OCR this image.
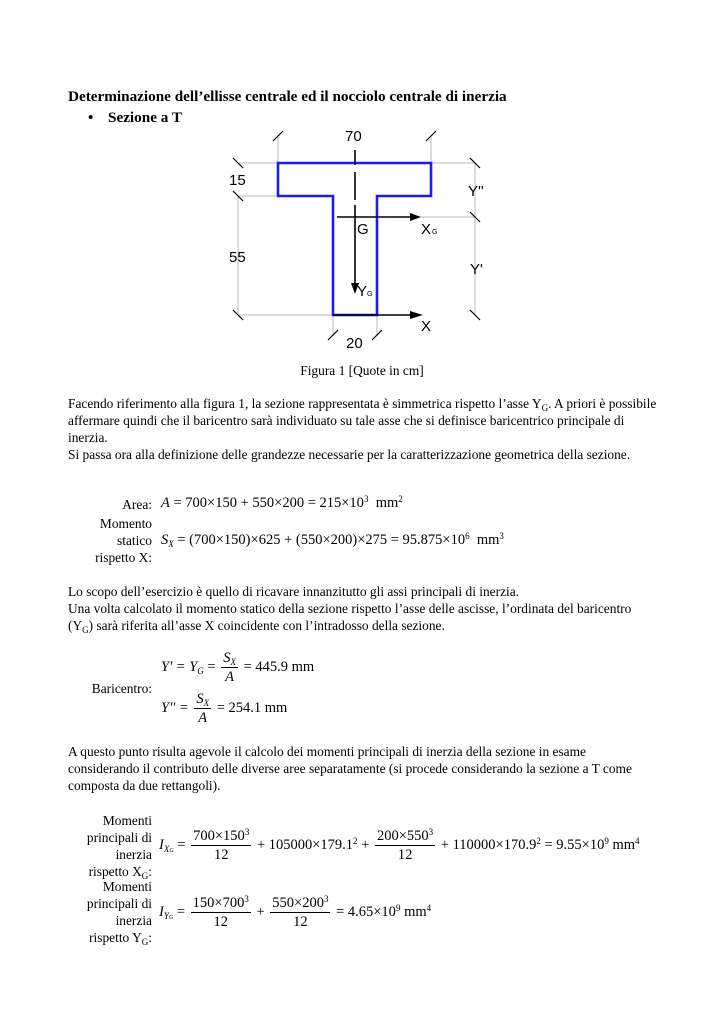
Determinazione dell’ellisse centrale ed il nocciolo centrale di inerzia
• Sezione a T
70
15
55
20
Y''
Y'
G	X G
Y G
X
Figura 1 [Quote in cm]
Facendo riferimento alla figura 1, la sezione rappresentata è simmetrica rispetto l’asse $Y_G$. A priori è possibile affermare quindi che il baricentro sarà individuato su tale asse che si definisce baricentrico principale di inerzia.
Si passa ora alla definizione delle grandezze necessarie per la caratterizzazione geometrica della sezione.
Area: $A = 700\times 150 + 550\times 200 = 215\times 10^3$ $mm^2$
Momento
statico
rispetto X:
$S_X = (700\times 150)\times 625 + (550\times 200)\times 275 = 95.875\times 10^6$ $mm^3$
Lo scopo dell’esercizio è quello di ricavare innanzitutto gli assi principali di inerzia.
Una volta calcolato il momento statico della sezione rispetto l’asse delle ascisse, l’ordinata del baricentro $(Y_G)$ sarà riferita all’asse X coincidente con l’intradosso della sezione.
Baricentro:
$Y' = Y_G = \frac{S_X}{A} = 445.9$ mm
$Y'' = \frac{S_X}{A} = 254.1$ mm
A questo punto risulta agevole il calcolo dei momenti principali di inerzia della sezione in esame considerando il contributo delle diverse aree separatamente (si procede considerando la sezione a T come composta da due rettangoli).
Momenti
principali di
inerzia
rispetto $X_G$:
$I_{XG} = \frac{700\times 150^3}{12} + 105000\times 179.1^2 + \frac{200\times 550^3}{12} + 110000\times 170.9^2 = 9.55\times 10^9$ $mm^4$
Momenti
principali di
inerzia
rispetto $Y_G$:
$I_{YG} = \frac{150\times 700^3}{12} + \frac{550\times 200^3}{12} = 4.65\times 10^9$ $mm^4$
